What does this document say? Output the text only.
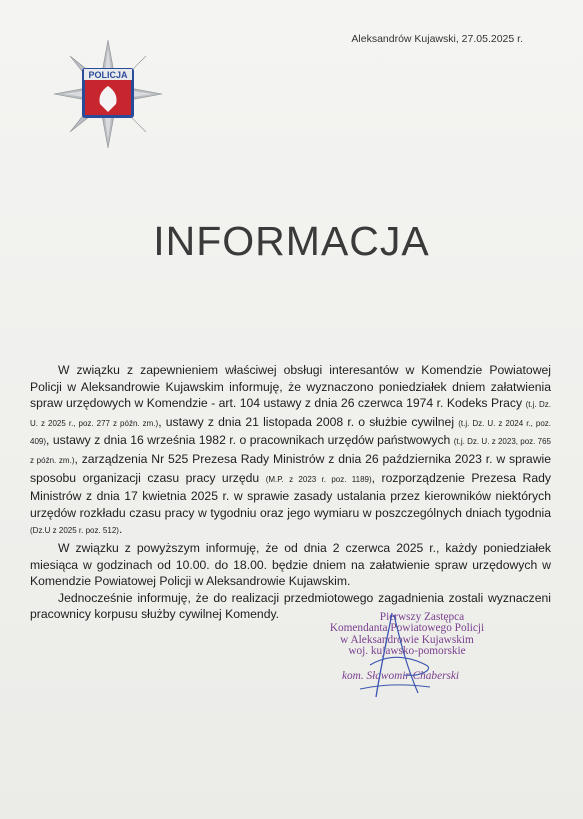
Aleksandrów Kujawski, 27.05.2025 r.
POLICJA
INFORMACJA

W związku z zapewnieniem właściwej obsługi interesantów w Komendzie Powiatowej Policji w Aleksandrowie Kujawskim informuję, że wyznaczono poniedziałek dniem załatwienia spraw urzędowych w Komendzie - art. 104 ustawy z dnia 26 czerwca 1974 r. Kodeks Pracy (t.j. Dz. U. z 2025 r., poz. 277 z późn. zm.), ustawy z dnia 21 listopada 2008 r. o służbie cywilnej (t.j. Dz. U. z 2024 r., poz. 409), ustawy z dnia 16 września 1982 r. o pracownikach urzędów państwowych (t.j. Dz. U. z 2023, poz. 765 z późn. zm.), zarządzenia Nr 525 Prezesa Rady Ministrów z dnia 26 października 2023 r. w sprawie sposobu organizacji czasu pracy urzędu (M.P. z 2023 r. poz. 1189), rozporządzenie Prezesa Rady Ministrów z dnia 17 kwietnia 2025 r. w sprawie zasady ustalania przez kierowników niektórych urzędów rozkładu czasu pracy w tygodniu oraz jego wymiaru w poszczególnych dniach tygodnia (Dz.U z 2025 r. poz. 512).

W związku z powyższym informuję, że od dnia 2 czerwca 2025 r., każdy poniedziałek miesiąca w godzinach od 10.00. do 18.00. będzie dniem na załatwienie spraw urzędowych w Komendzie Powiatowej Policji w Aleksandrowie Kujawskim.

Jednocześnie informuję, że do realizacji przedmiotowego zagadnienia zostali wyznaczeni pracownicy korpusu służby cywilnej Komendy.	Pierwszy Zastępca
Komendanta Powiatowego Policji
w Aleksandrowie Kujawskim
woj. kujawsko-pomorskie
kom. Sławomir Chaberski
